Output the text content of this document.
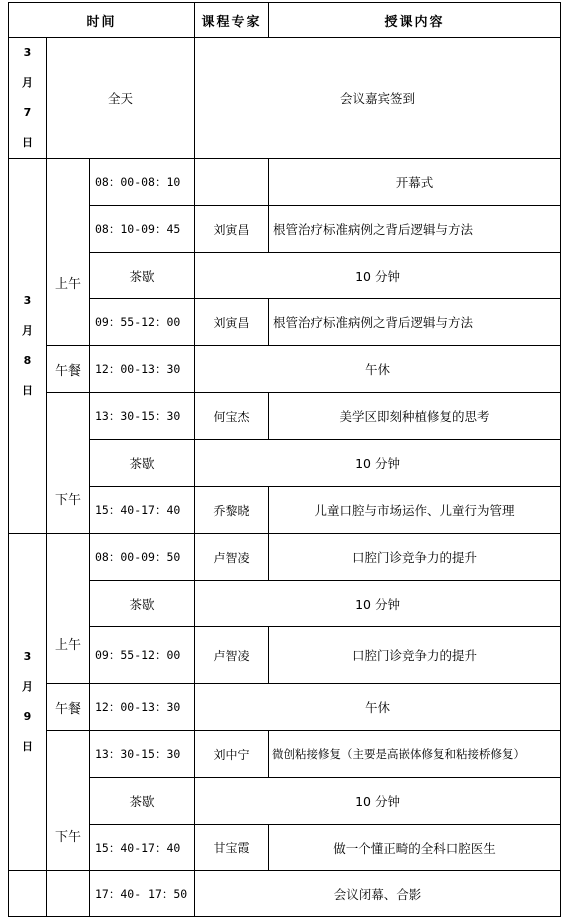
时间			课程专家	授课内容

3月7日	全天		会议嘉宾签到	

3月8日	上午	08：00-08：10		开幕式
		08：10-09：45	刘寅昌	根管治疗标准病例之背后逻辑与方法
		茶歇	10 分钟	
		09：55-12：00	刘寅昌	根管治疗标准病例之背后逻辑与方法
	午餐	12：00-13：30	午休	

	下午	13：30-15：30	何宝杰	美学区即刻种植修复的思考
		茶歇	10 分钟	
		15：40-17：40	乔黎晓	儿童口腔与市场运作、儿童行为管理

3月9日	上午	08：00-09：50	卢智凌	口腔门诊竞争力的提升
		茶歇	10 分钟	
		09：55-12：00	卢智凌	口腔门诊竞争力的提升
	午餐	12：00-13：30	午休	

	下午	13：30-15：30	刘中宁	微创粘接修复（主要是高嵌体修复和粘接桥修复）
		茶歇	10 分钟	
		15：40-17：40	甘宝霞	做一个懂正畸的全科口腔医生
		17：40- 17：50	会议闭幕、合影	
